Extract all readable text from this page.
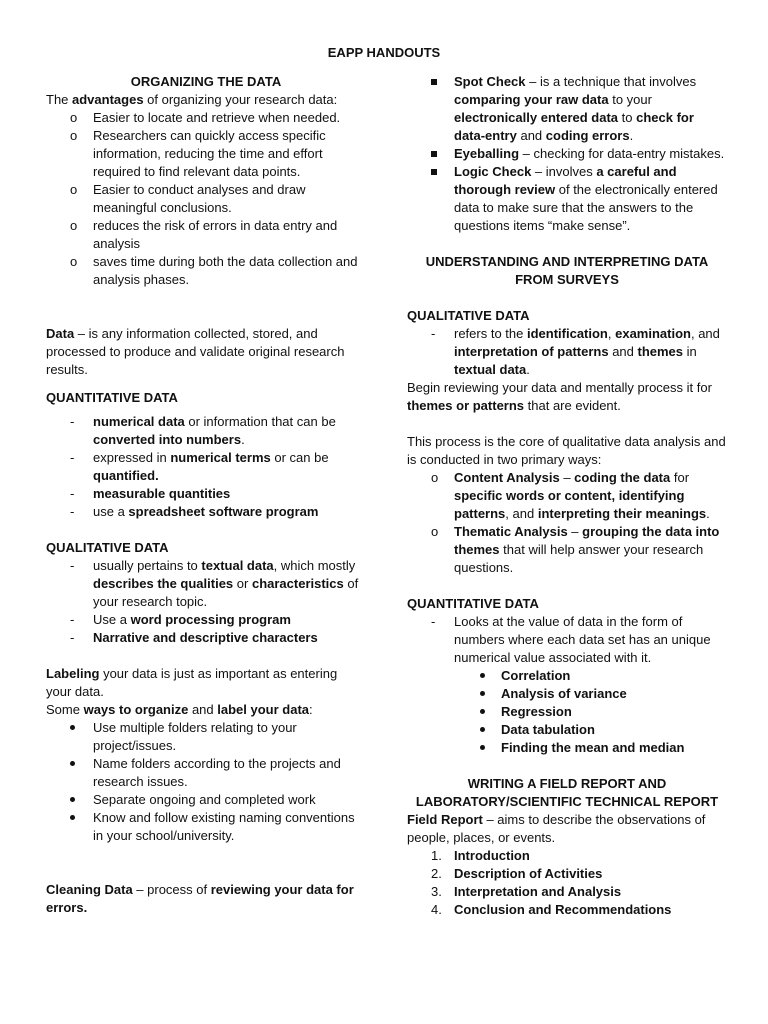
EAPP HANDOUTS

ORGANIZING THE DATA

The advantages of organizing your research data:

o Easier to locate and retrieve when needed.
o Researchers can quickly access specific information, reducing the time and effort required to find relevant data points.
o Easier to conduct analyses and draw meaningful conclusions.
o reduces the risk of errors in data entry and analysis
o saves time during both the data collection and analysis phases.

Data – is any information collected, stored, and processed to produce and validate original research results.

QUANTITATIVE DATA

- numerical data or information that can be converted into numbers.
- expressed in numerical terms or can be quantified.
- measurable quantities
- use a spreadsheet software program

QUALITATIVE DATA

- usually pertains to textual data, which mostly describes the qualities or characteristics of your research topic.
- Use a word processing program
- Narrative and descriptive characters

Labeling your data is just as important as entering your data.

Some ways to organize and label your data:

Use multiple folders relating to your project/issues.
Name folders according to the projects and research issues.
Separate ongoing and completed work
Know and follow existing naming conventions in your school/university.

Cleaning Data – process of reviewing your data for errors.

Spot Check – is a technique that involves comparing your raw data to your electronically entered data to check for data-entry and coding errors.
Eyeballing – checking for data-entry mistakes.
Logic Check – involves a careful and thorough review of the electronically entered data to make sure that the answers to the questions items “make sense”.

UNDERSTANDING AND INTERPRETING DATA FROM SURVEYS

QUALITATIVE DATA

- refers to the identification, examination, and interpretation of patterns and themes in textual data.

Begin reviewing your data and mentally process it for themes or patterns that are evident.

This process is the core of qualitative data analysis and is conducted in two primary ways:

o Content Analysis – coding the data for specific words or content, identifying patterns, and interpreting their meanings.
o Thematic Analysis – grouping the data into themes that will help answer your research questions.

QUANTITATIVE DATA

- Looks at the value of data in the form of numbers where each data set has an unique numerical value associated with it.
Correlation
Analysis of variance
Regression
Data tabulation
Finding the mean and median

WRITING A FIELD REPORT AND LABORATORY/SCIENTIFIC TECHNICAL REPORT

Field Report – aims to describe the observations of people, places, or events.

1. Introduction
2. Description of Activities
3. Interpretation and Analysis
4. Conclusion and Recommendations
